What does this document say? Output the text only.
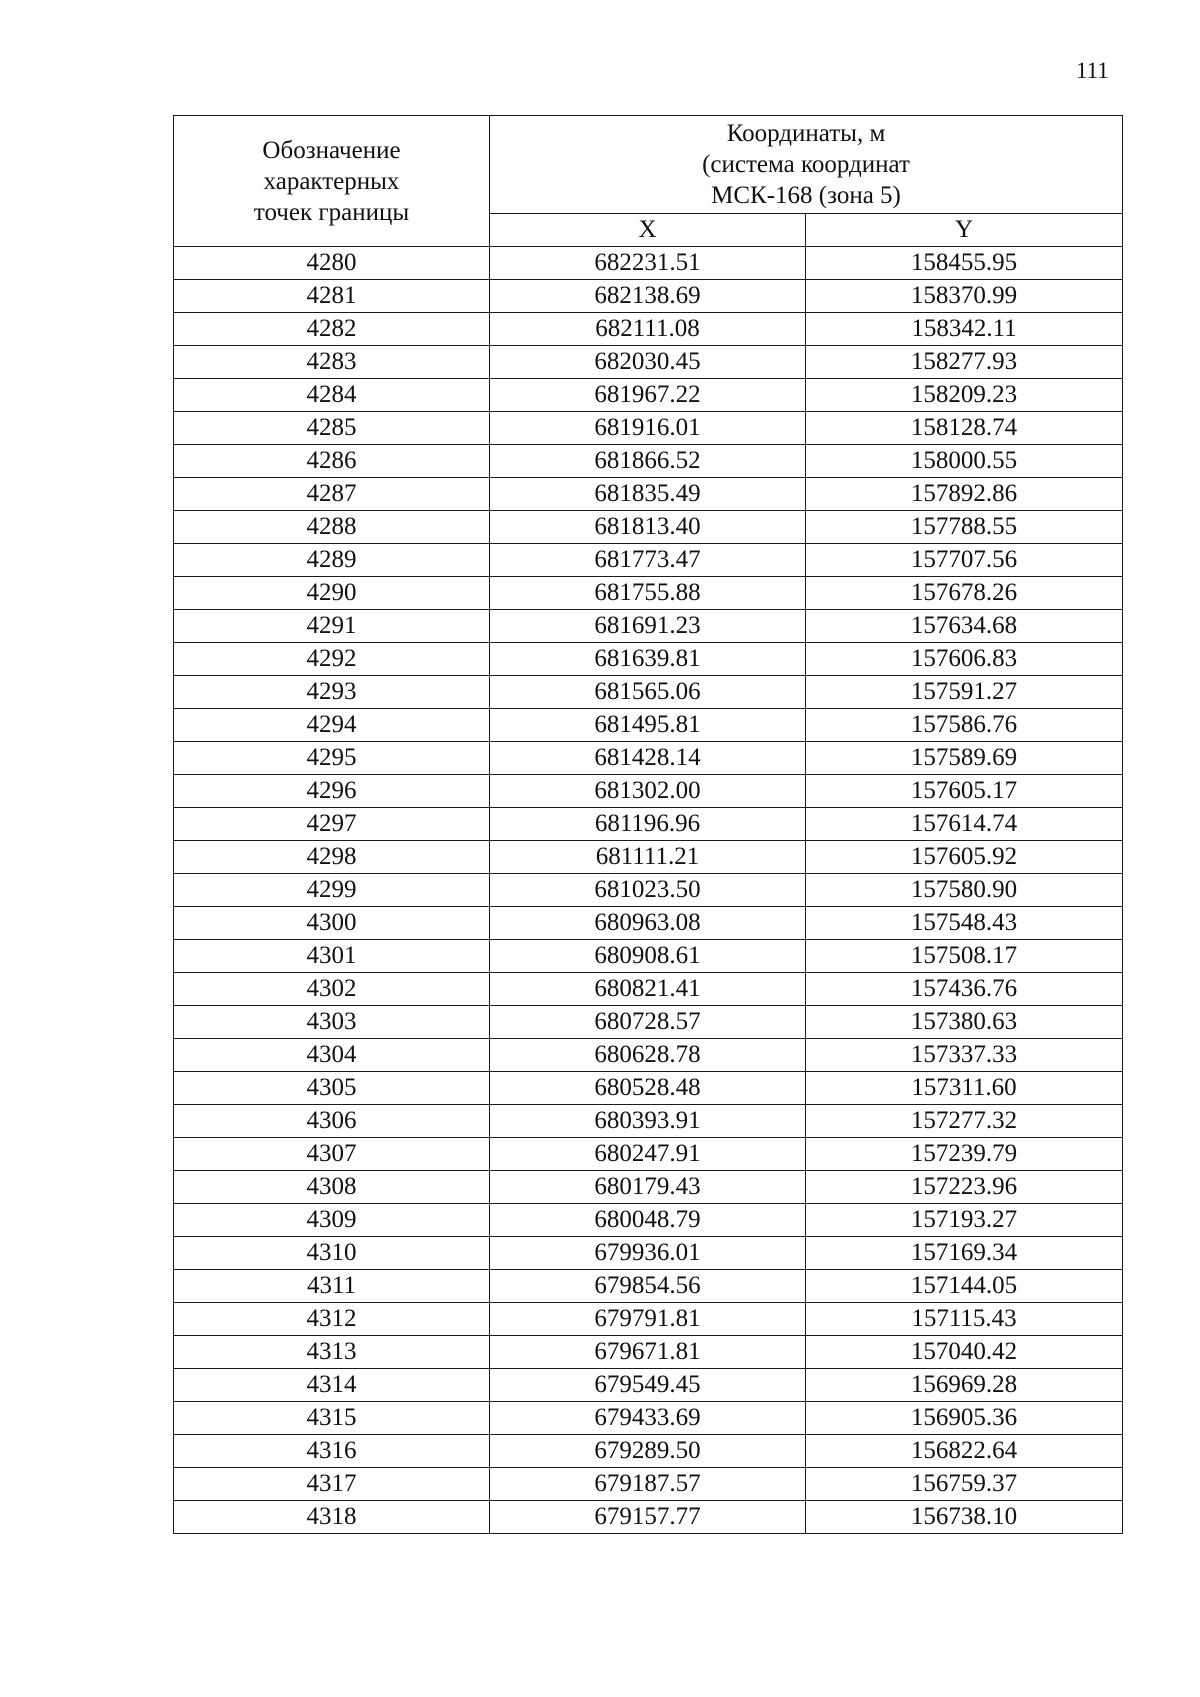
111
Обозначение
характерных
точек границы	Координаты, м
(система координат
МСК-168 (зона 5)	

	X	Y
4280	682231.51	158455.95
4281	682138.69	158370.99
4282	682111.08	158342.11
4283	682030.45	158277.93
4284	681967.22	158209.23
4285	681916.01	158128.74
4286	681866.52	158000.55
4287	681835.49	157892.86
4288	681813.40	157788.55
4289	681773.47	157707.56
4290	681755.88	157678.26
4291	681691.23	157634.68
4292	681639.81	157606.83
4293	681565.06	157591.27
4294	681495.81	157586.76
4295	681428.14	157589.69
4296	681302.00	157605.17
4297	681196.96	157614.74
4298	681111.21	157605.92
4299	681023.50	157580.90
4300	680963.08	157548.43
4301	680908.61	157508.17
4302	680821.41	157436.76
4303	680728.57	157380.63
4304	680628.78	157337.33
4305	680528.48	157311.60
4306	680393.91	157277.32
4307	680247.91	157239.79
4308	680179.43	157223.96
4309	680048.79	157193.27
4310	679936.01	157169.34
4311	679854.56	157144.05
4312	679791.81	157115.43
4313	679671.81	157040.42
4314	679549.45	156969.28
4315	679433.69	156905.36
4316	679289.50	156822.64
4317	679187.57	156759.37
4318	679157.77	156738.10
